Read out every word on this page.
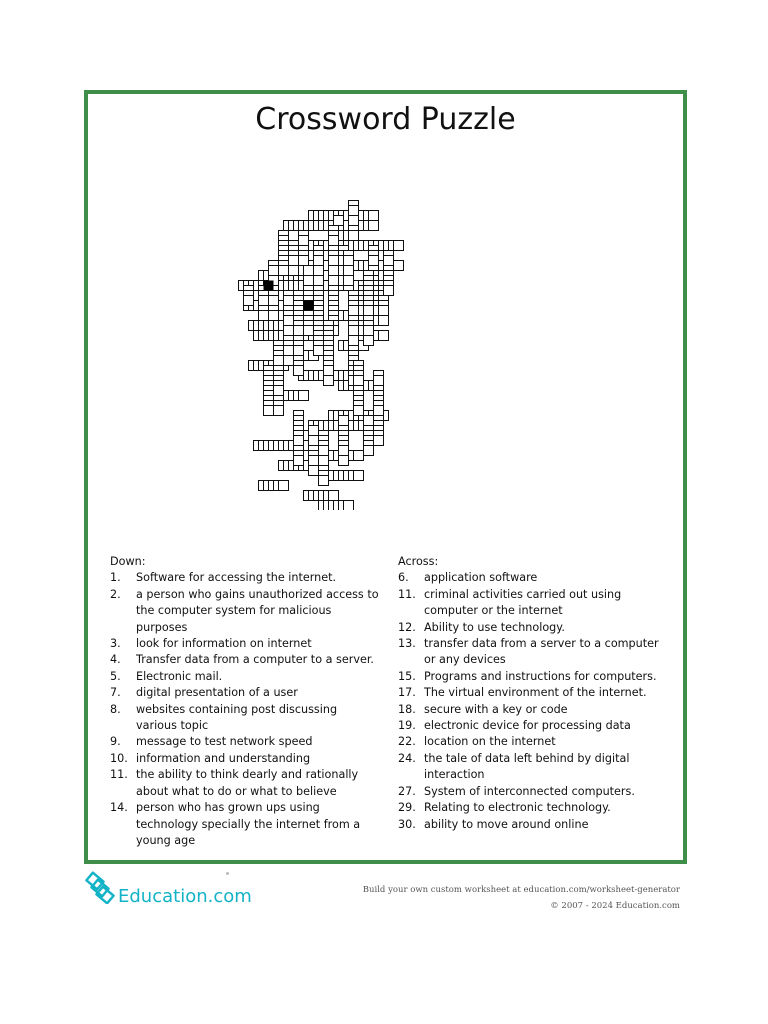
Crossword Puzzle
Down:
1.	Software for accessing the internet.
2.	a person who gains unauthorized access to the computer system for malicious purposes
3.	look for information on internet
4.	Transfer data from a computer to a server.
5.	Electronic mail.
7.	digital presentation of a user
8.	websites containing post discussing various topic
9.	message to test network speed
10. information and understanding
11. the ability to think dearly and rationally about what to do or what to believe
14. person who has grown ups using technology specially the internet from a young age
Across:
6.	application software
11. criminal activities carried out using computer or the internet
12. Ability to use technology.
13. transfer data from a server to a computer or any devices
15. Programs and instructions for computers.
17. The virtual environment of the internet.
18. secure with a key or code
19. electronic device for processing data
22. location on the internet
24. the tale of data left behind by digital interaction
27. System of interconnected computers.
29. Relating to electronic technology.
30. ability to move around online
Education.com	Build your own custom worksheet at education.com/worksheet-generator
© 2007 - 2024 Education.com
